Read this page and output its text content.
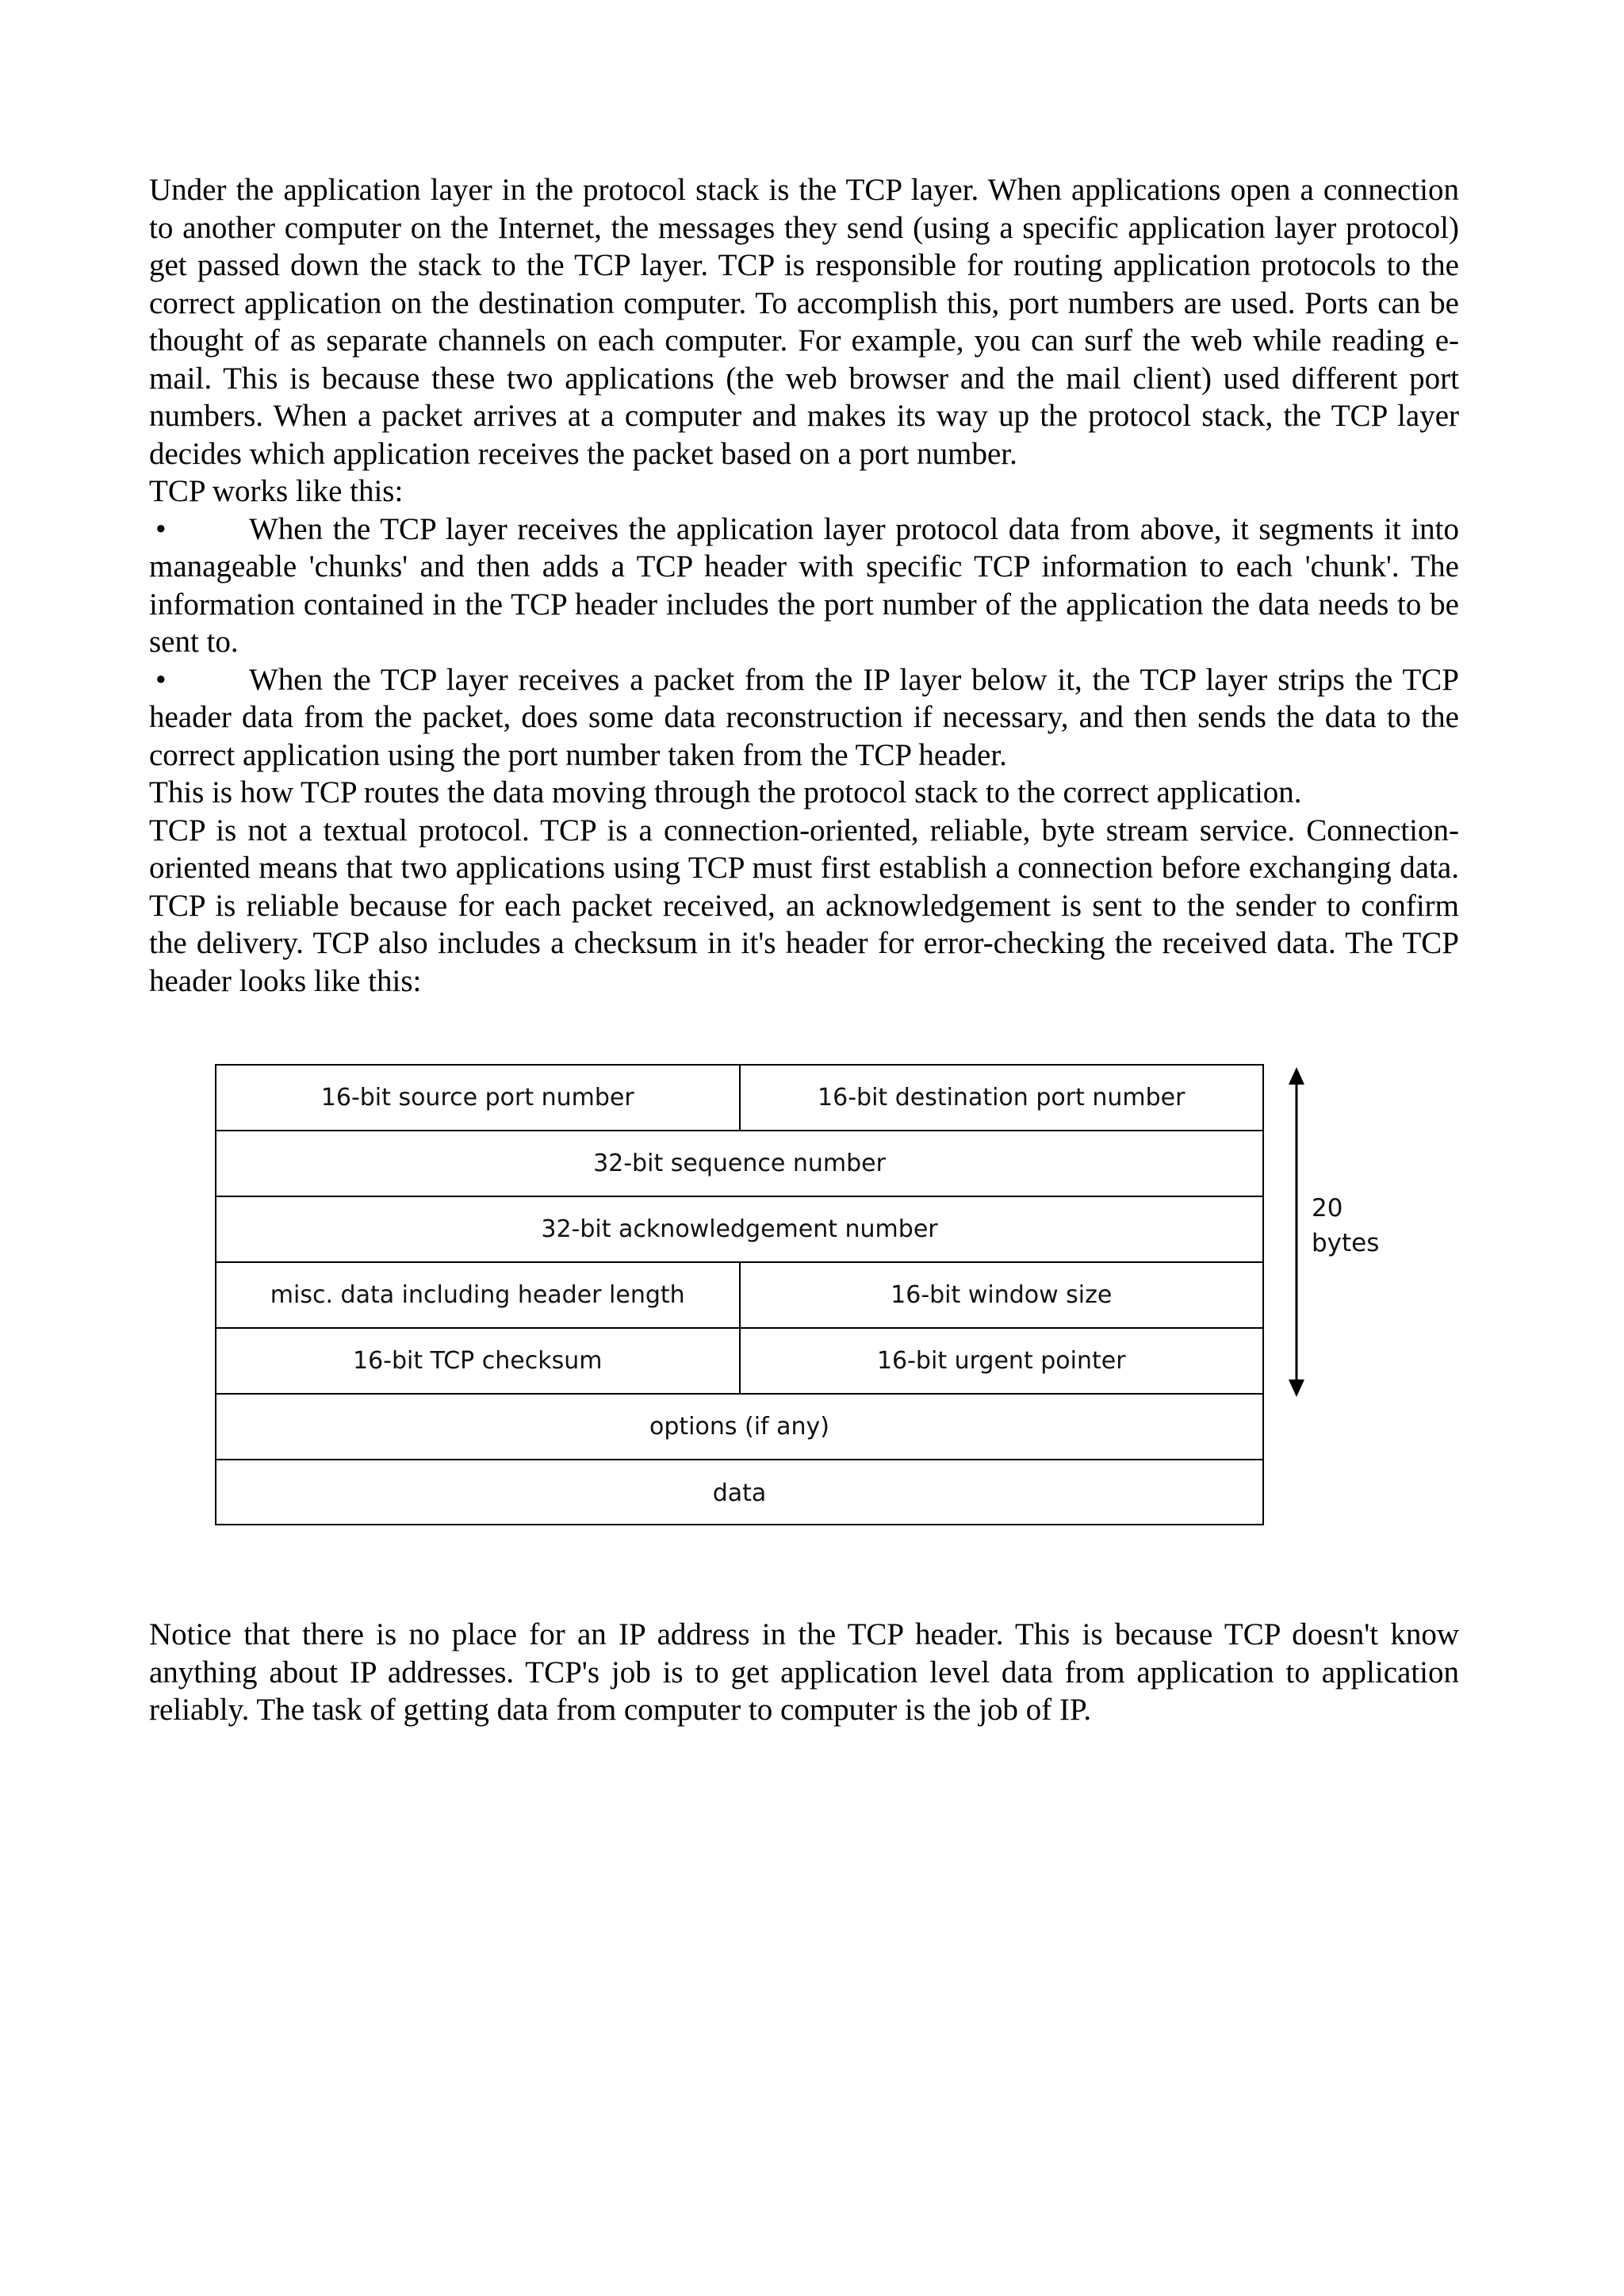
Under the application layer in the protocol stack is the TCP layer. When applications open a connection to another computer on the Internet, the messages they send (using a specific application layer protocol) get passed down the stack to the TCP layer. TCP is responsible for routing application protocols to the correct application on the destination computer. To accomplish this, port numbers are used. Ports can be thought of as separate channels on each computer. For example, you can surf the web while reading e-mail. This is because these two applications (the web browser and the mail client) used different port numbers. When a packet arrives at a computer and makes its way up the protocol stack, the TCP layer decides which application receives the packet based on a port number.

TCP works like this:

•	When the TCP layer receives the application layer protocol data from above, it segments it into manageable 'chunks' and then adds a TCP header with specific TCP information to each 'chunk'. The information contained in the TCP header includes the port number of the application the data needs to be sent to.

•	When the TCP layer receives a packet from the IP layer below it, the TCP layer strips the TCP header data from the packet, does some data reconstruction if necessary, and then sends the data to the correct application using the port number taken from the TCP header.

This is how TCP routes the data moving through the protocol stack to the correct application.

TCP is not a textual protocol. TCP is a connection-oriented, reliable, byte stream service. Connection-oriented means that two applications using TCP must first establish a connection before exchanging data. TCP is reliable because for each packet received, an acknowledgement is sent to the sender to confirm the delivery. TCP also includes a checksum in it's header for error-checking the received data. The TCP header looks like this:

16-bit source port number	16-bit destination port number
32-bit sequence number
32-bit acknowledgement number
misc. data including header length	16-bit window size
16-bit TCP checksum	16-bit urgent pointer
options (if any)
data
20
bytes

Notice that there is no place for an IP address in the TCP header. This is because TCP doesn't know anything about IP addresses. TCP's job is to get application level data from application to application reliably. The task of getting data from computer to computer is the job of IP.
